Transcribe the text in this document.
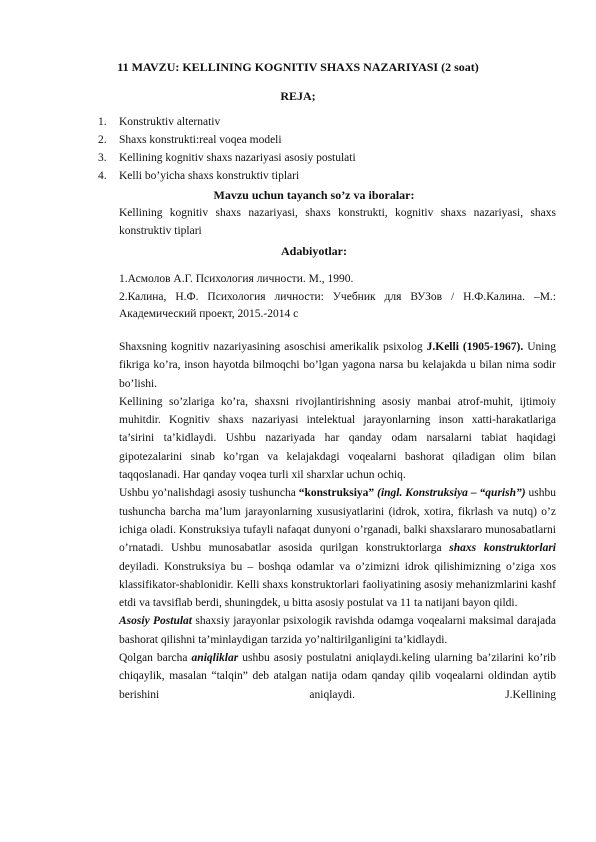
11 MAVZU: KELLINING KOGNITIV SHAXS NAZARIYASI (2 soat)
REJA;
1. Konstruktiv alternativ
2. Shaxs konstrukti:real voqea modeli
3. Kellining kognitiv shaxs nazariyasi asosiy postulati
4. Kelli bo’yicha shaxs konstruktiv tiplari
Mavzu uchun tayanch so’z va iboralar:
Kellining kognitiv shaxs nazariyasi, shaxs konstrukti, kognitiv shaxs nazariyasi, shaxs konstruktiv tiplari
Adabiyotlar:

1.Асмолов А.Г. Психология личности. М., 1990.

2.Калина, Н.Ф. Психология личности: Учебник для ВУЗов / Н.Ф.Калина. –М.: Академический проект, 2015.-2014 с

Shaxsning kognitiv nazariyasining asoschisi amerikalik psixolog J.Kelli (1905-1967). Uning fikriga ko’ra, inson hayotda bilmoqchi bo’lgan yagona narsa bu kelajakda u bilan nima sodir bo’lishi.

Kellining so’zlariga ko’ra, shaxsni rivojlantirishning asosiy manbai atrof-muhit, ijtimoiy muhitdir. Kognitiv shaxs nazariyasi intelektual jarayonlarning inson xatti-harakatlariga ta’sirini ta’kidlaydi. Ushbu nazariyada har qanday odam narsalarni tabiat haqidagi gipotezalarini sinab ko’rgan va kelajakdagi voqealarni bashorat qiladigan olim bilan taqqoslanadi. Har qanday voqea turli xil sharxlar uchun ochiq.

Ushbu yo’nalishdagi asosiy tushuncha “konstruksiya” (ingl. Konstruksiya – “qurish”) ushbu tushuncha barcha ma’lum jarayonlarning xususiyatlarini (idrok, xotira, fikrlash va nutq) o’z ichiga oladi. Konstruksiya tufayli nafaqat dunyoni o’rganadi, balki shaxslararo munosabatlarni o’rnatadi. Ushbu munosabatlar asosida qurilgan konstruktorlarga shaxs konstruktorlari deyiladi. Konstruksiya bu – boshqa odamlar va o’zimizni idrok qilishimizning o’ziga xos klassifikator-shablonidir. Kelli shaxs konstruktorlari faoliyatining asosiy mehanizmlarini kashf etdi va tavsiflab berdi, shuningdek, u bitta asosiy postulat va 11 ta natijani bayon qildi.

Asosiy Postulat shaxsiy jarayonlar psixologik ravishda odamga voqealarni maksimal darajada bashorat qilishni ta’minlaydigan tarzida yo’naltirilganligini ta’kidlaydi.

Qolgan barcha aniqliklar ushbu asosiy postulatni aniqlaydi.keling ularning ba’zilarini ko’rib chiqaylik, masalan “talqin” deb atalgan natija odam qanday qilib voqealarni oldindan aytib berishini aniqlaydi. J.Kellining
